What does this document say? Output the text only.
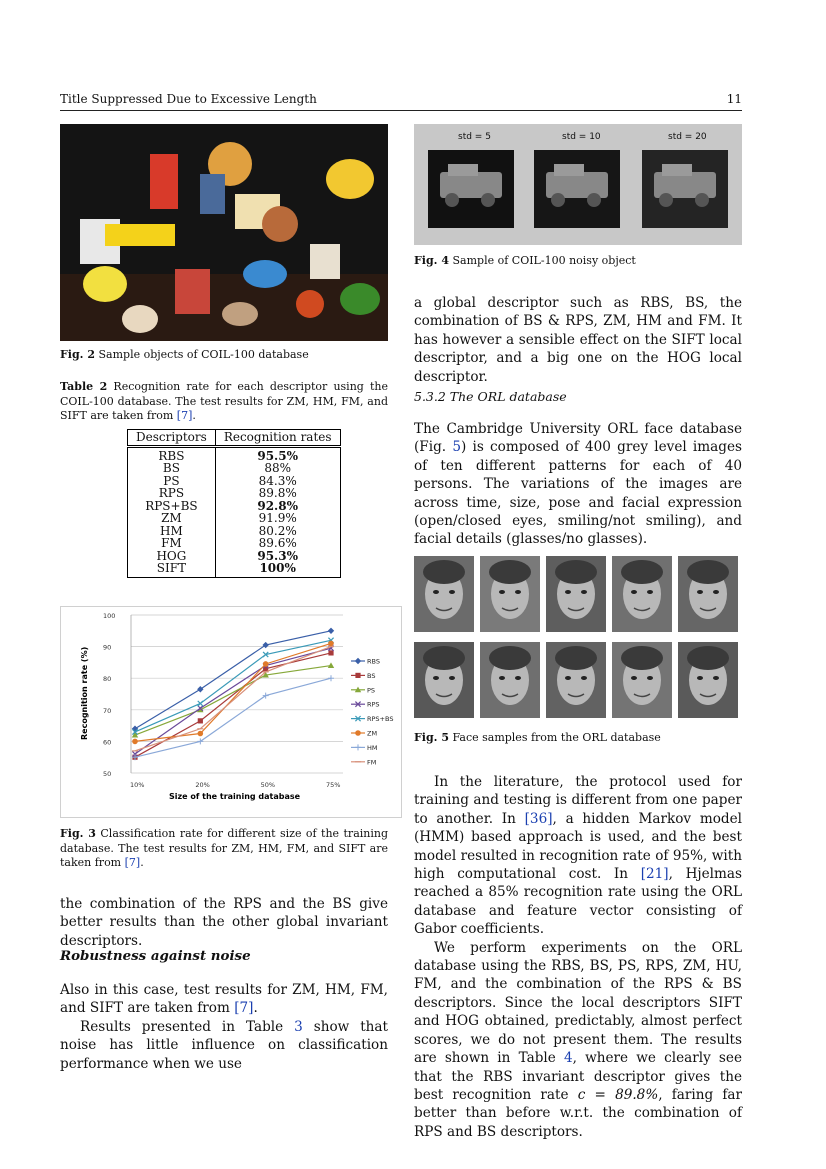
Title Suppressed Due to Excessive Length	11
Fig. 2 Sample objects of COIL-100 database
Table 2 Recognition rate for each descriptor using the COIL-100 database. The test results for ZM, HM, FM, and SIFT are taken from [7].
Descriptors	Recognition rates
RBS	95.5%
BS	88%
PS	84.3%
RPS	89.8%
RPS+BS	92.8%
ZM	91.9%
HM	80.2%
FM	89.6%
HOG	95.3%
SIFT	100%
50
60
70
80
90
100
10%	20%	50%	75%
Size of the training database
Recognition rate (%)	RBS
BS
PS
RPS
RPS+BS
ZM
HM
FM
Fig. 3 Classification rate for different size of the training database. The test results for ZM, HM, FM, and SIFT are taken from [7].
the combination of the RPS and the BS give better results than the other global invariant descriptors.
Robustness against noise
Also in this case, test results for ZM, HM, FM, and SIFT are taken from [7].
Results presented in Table 3 show that noise has little influence on classification performance when we use
std = 5	std = 10	std = 20
Fig. 4 Sample of COIL-100 noisy object
a global descriptor such as RBS, BS, the combination of BS & RPS, ZM, HM and FM. It has however a sensible effect on the SIFT local descriptor, and a big one on the HOG local descriptor.
5.3.2 The ORL database
The Cambridge University ORL face database (Fig. 5) is composed of 400 grey level images of ten different patterns for each of 40 persons. The variations of the images are across time, size, pose and facial expression (open/closed eyes, smiling/not smiling), and facial details (glasses/no glasses).
Fig. 5 Face samples from the ORL database
In the literature, the protocol used for training and testing is different from one paper to another. In [36], a hidden Markov model (HMM) based approach is used, and the best model resulted in recognition rate of 95%, with high computational cost. In [21], Hjelmas reached a 85% recognition rate using the ORL database and feature vector consisting of Gabor coefficients.
We perform experiments on the ORL database using the RBS, BS, PS, RPS, ZM, HU, FM, and the combination of the RPS & BS descriptors. Since the local descriptors SIFT and HOG obtained, predictably, almost perfect scores, we do not present them. The results are shown in Table 4, where we clearly see that the RBS invariant descriptor gives the best recognition rate c = 89.8%, faring far better than before w.r.t. the combination of RPS and BS descriptors.
